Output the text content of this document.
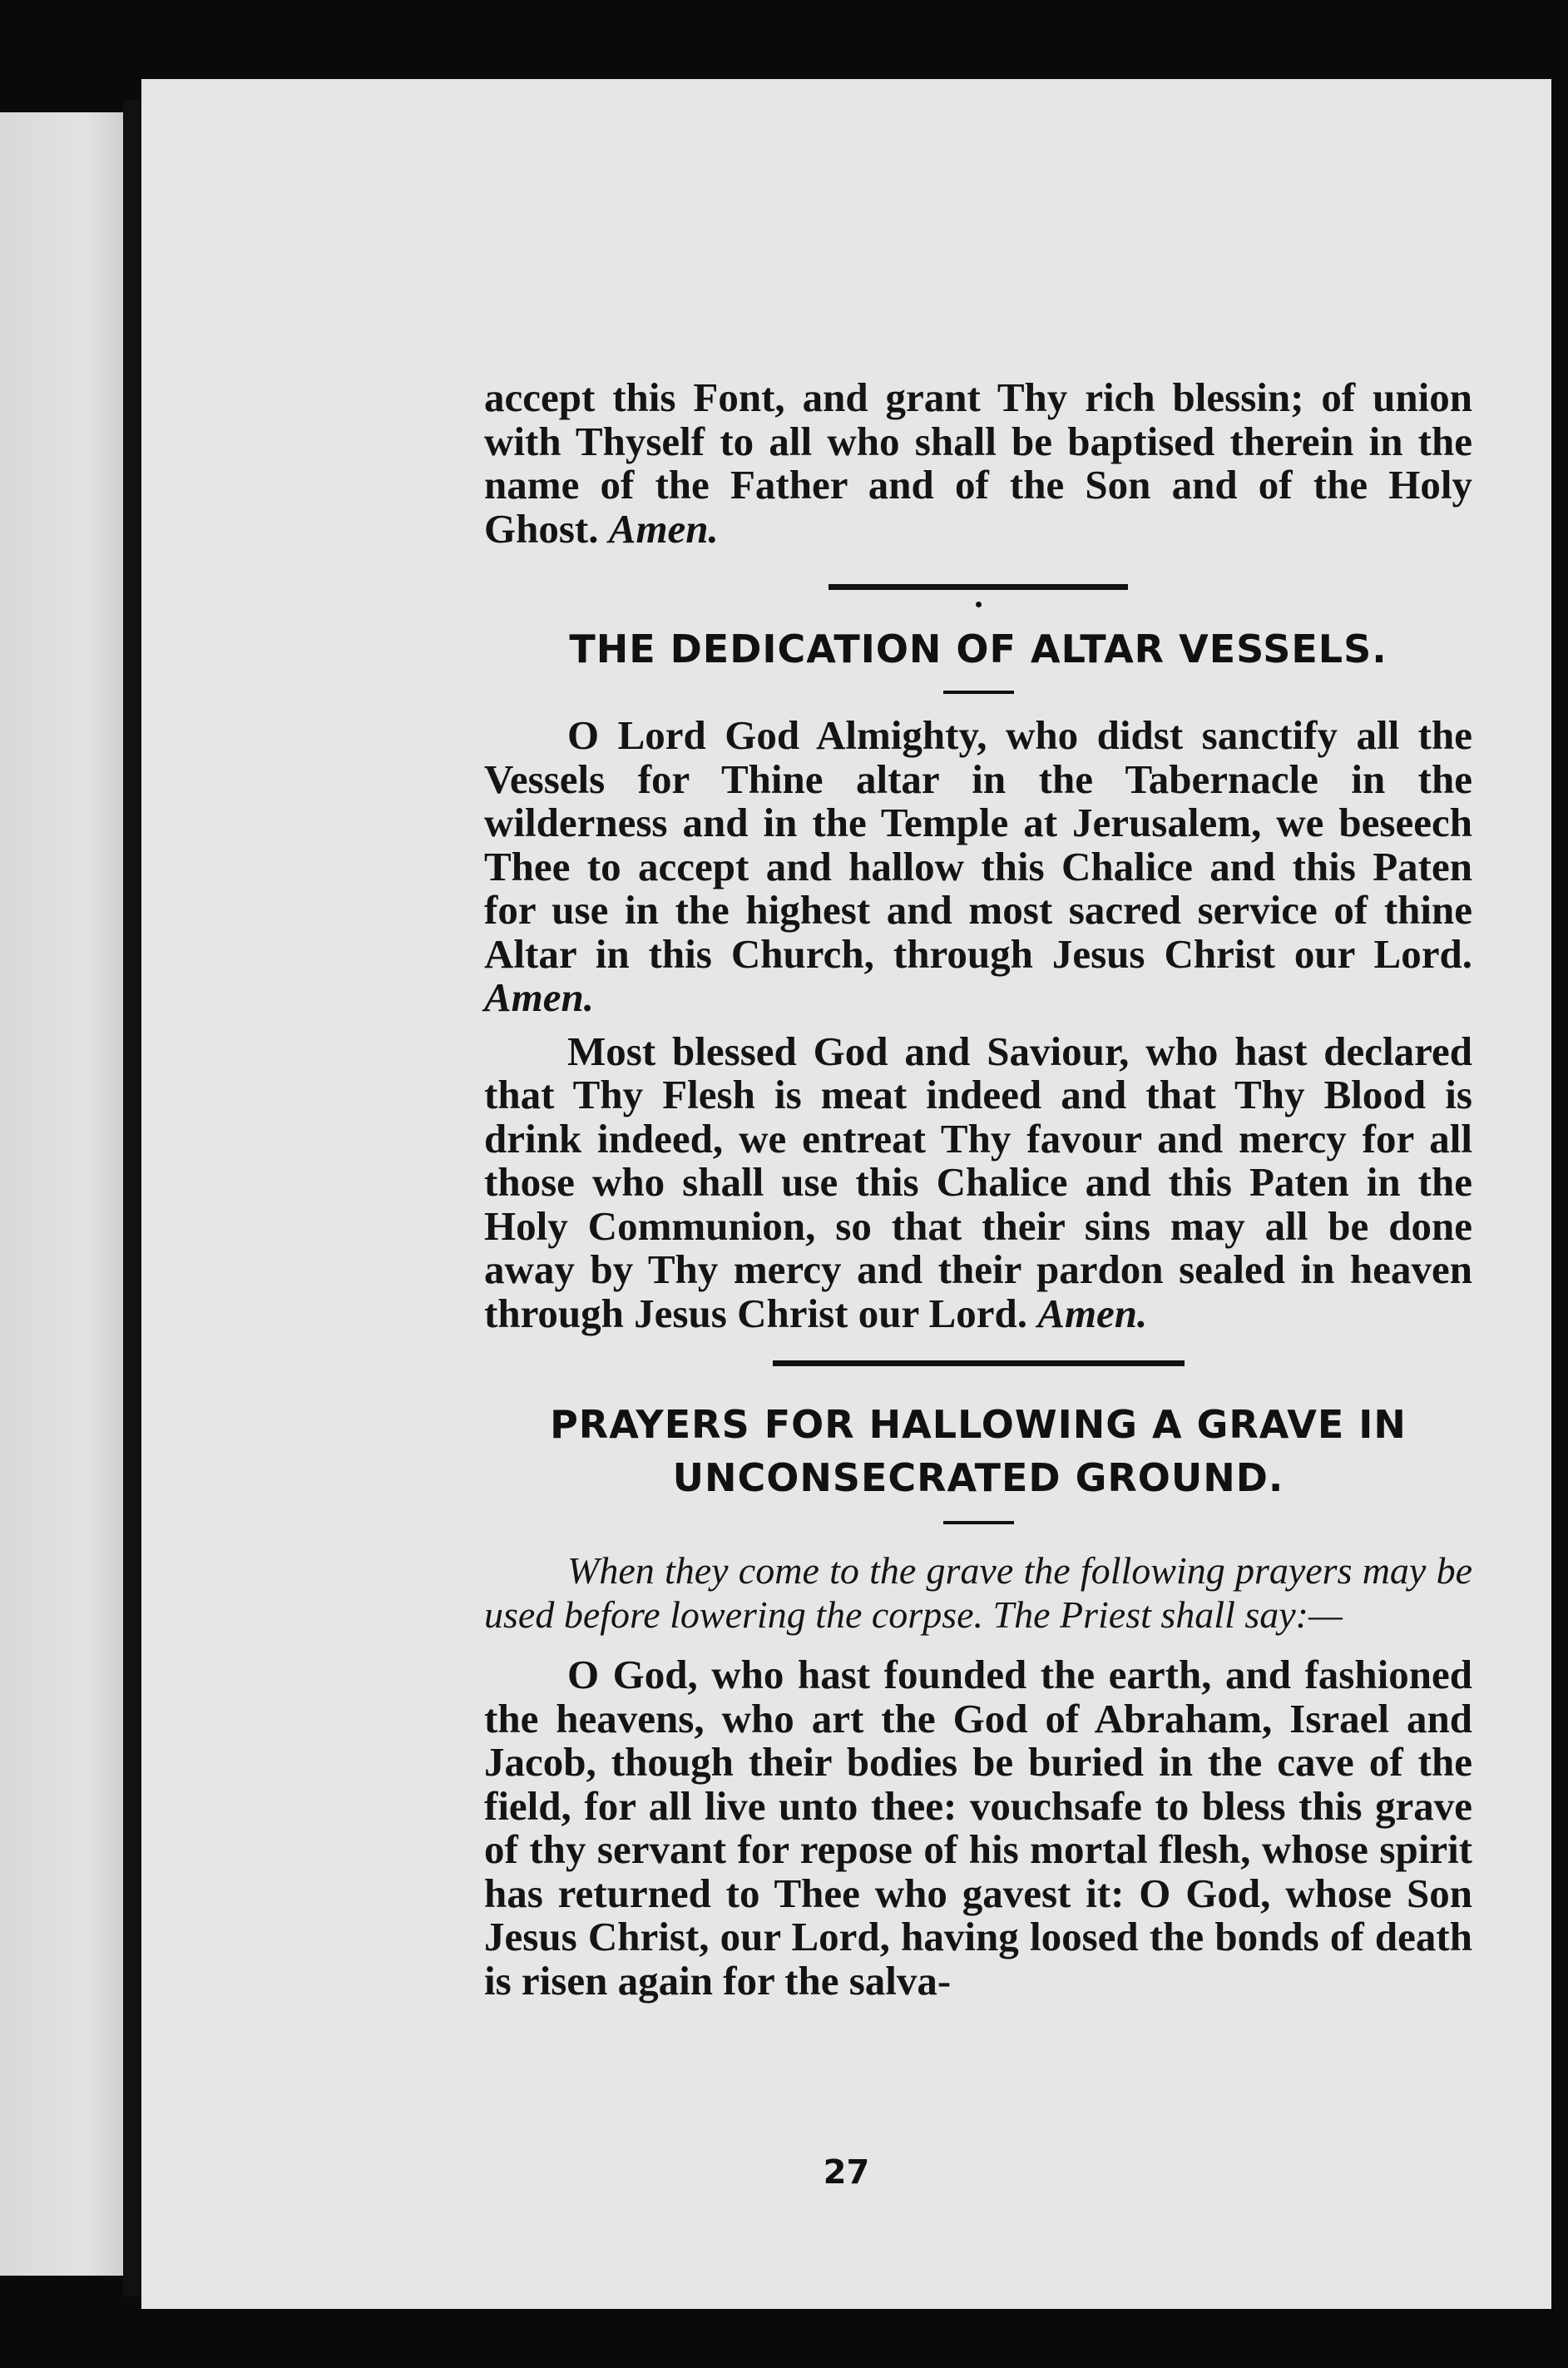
accept this Font, and grant Thy rich blessin; of union with Thyself to all who shall be baptised therein in the name of the Father and of the Son and of the Holy Ghost. Amen.

THE DEDICATION OF ALTAR VESSELS.

O Lord God Almighty, who didst sanctify all the Vessels for Thine altar in the Tabernacle in the wilderness and in the Temple at Jerusalem, we beseech Thee to accept and hallow this Chalice and this Paten for use in the highest and most sacred service of thine Altar in this Church, through Jesus Christ our Lord. Amen.

Most blessed God and Saviour, who hast declared that Thy Flesh is meat indeed and that Thy Blood is drink indeed, we entreat Thy favour and mercy for all those who shall use this Chalice and this Paten in the Holy Communion, so that their sins may all be done away by Thy mercy and their pardon sealed in heaven through Jesus Christ our Lord. Amen.

PRAYERS FOR HALLOWING A GRAVE IN
UNCONSECRATED GROUND.

When they come to the grave the following prayers may be used before lowering the corpse. The Priest shall say:—

O God, who hast founded the earth, and fashioned the heavens, who art the God of Abraham, Israel and Jacob, though their bodies be buried in the cave of the field, for all live unto thee: vouchsafe to bless this grave of thy servant for repose of his mortal flesh, whose spirit has returned to Thee who gavest it: O God, whose Son Jesus Christ, our Lord, having loosed the bonds of death is risen again for the salva-

27
